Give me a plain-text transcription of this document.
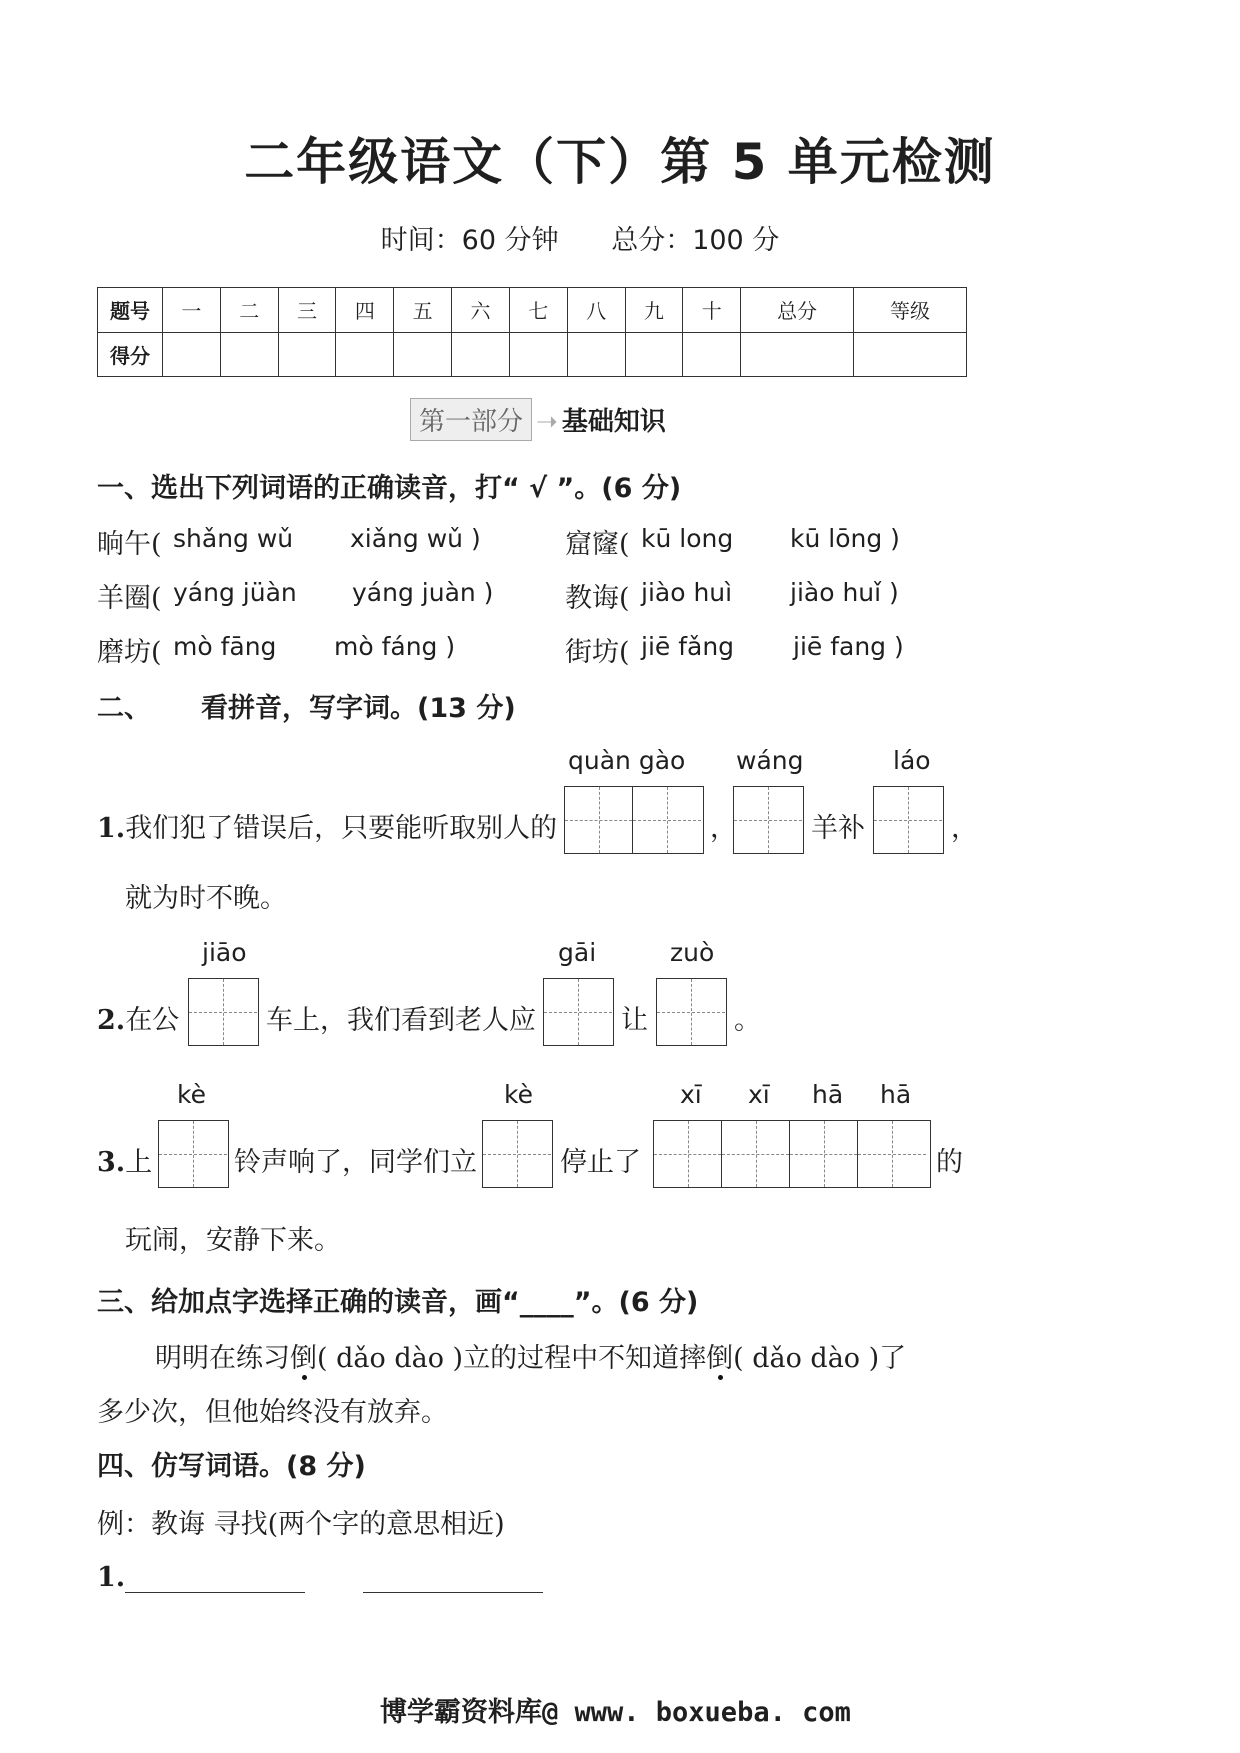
二年级语文（下）第 5 单元检测
时间：60 分钟 总分：100 分
题号	一	二	三	四	五	六	七	八	九	十	总分	等级
得分												
第一部分 ➝ 基础知识
一、选出下列词语的正确读音，打“ √ ”。(6 分)
晌午( shǎng wǔ xiǎng wǔ )	窟窿( kū long kū lōng )
羊圈( yáng jüàn yáng juàn )	教诲( jiào huì jiào huǐ )
磨坊( mò fāng mò fáng )	街坊( jiē fǎng jiē fang )
二、 看拼音，写字词。(13 分)
quàn gào wáng	láo
1.我们犯了错误后，只要能听取别人的	，	羊补	，
就为时不晚。
jiāo	gāi	zuò
2.在公	车上，我们看到老人应	让	。
kè	kè	xī xī hā hā
3.上	铃声响了，同学们立	停止了	的
玩闹，安静下来。
三、给加点字选择正确的读音，画“____”。(6 分)
明明在练习倒( dǎo dào )立的过程中不知道摔倒( dǎo dào )了
多少次，但他始终没有放弃。
四、仿写词语。(8 分)
例：教诲 寻找(两个字的意思相近)
1.
博学霸资料库@ www. boxueba. com
